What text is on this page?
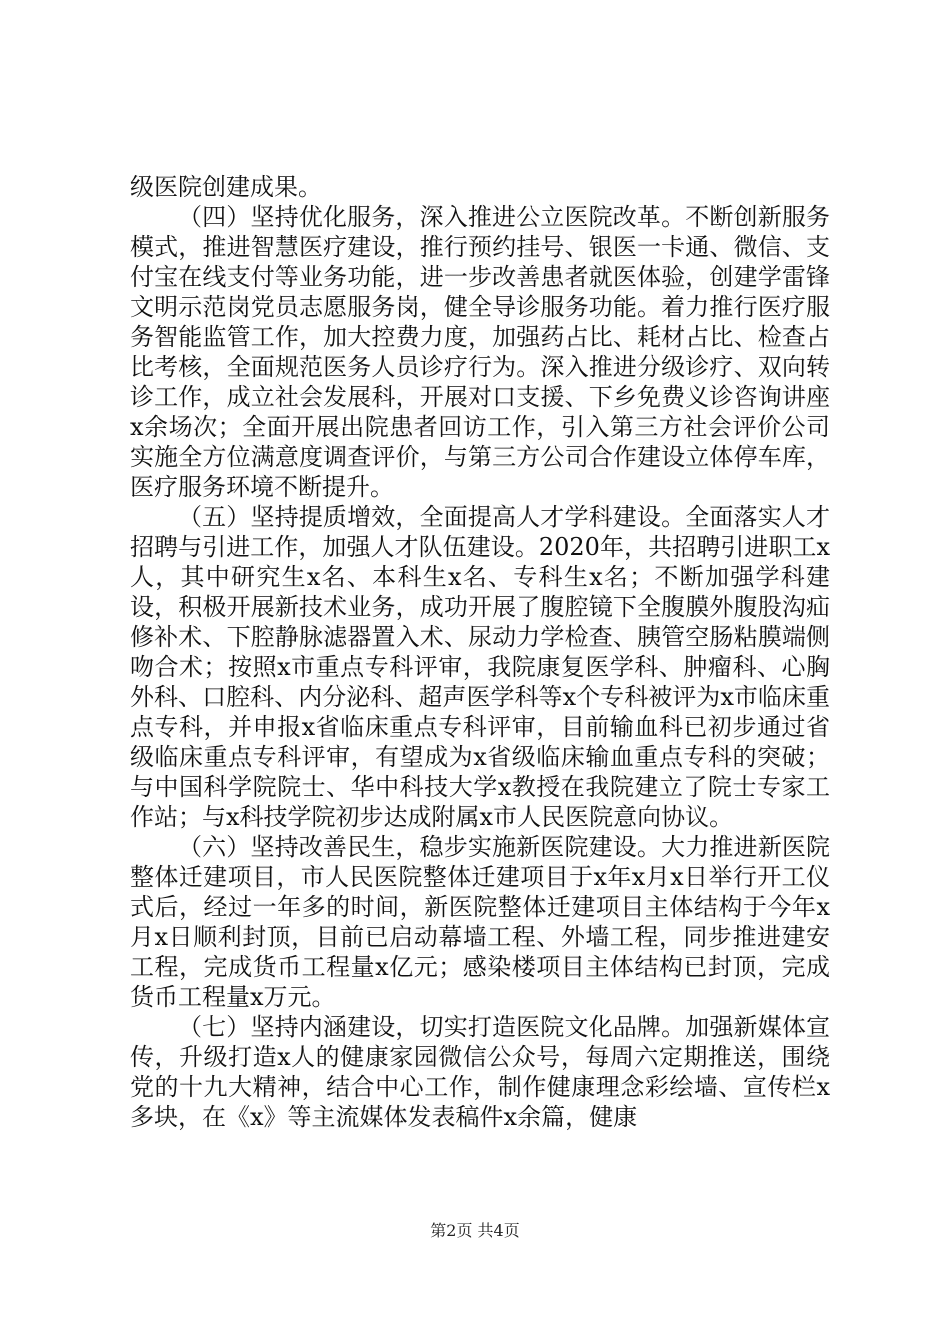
级医院创建成果。

（四）坚持优化服务，深入推进公立医院改革。不断创新服务模式，推进智慧医疗建设，推行预约挂号、银医一卡通、微信、支付宝在线支付等业务功能，进一步改善患者就医体验，创建学雷锋文明示范岗党员志愿服务岗，健全导诊服务功能。着力推行医疗服务智能监管工作，加大控费力度，加强药占比、耗材占比、检查占比考核，全面规范医务人员诊疗行为。深入推进分级诊疗、双向转诊工作，成立社会发展科，开展对口支援、下乡免费义诊咨询讲座x余场次；全面开展出院患者回访工作，引入第三方社会评价公司实施全方位满意度调查评价，与第三方公司合作建设立体停车库，医疗服务环境不断提升。

（五）坚持提质增效，全面提高人才学科建设。全面落实人才招聘与引进工作，加强人才队伍建设。2020年，共招聘引进职工x人，其中研究生x名、本科生x名、专科生x名；不断加强学科建设，积极开展新技术业务，成功开展了腹腔镜下全腹膜外腹股沟疝修补术、下腔静脉滤器置入术、尿动力学检查、胰管空肠粘膜端侧吻合术；按照x市重点专科评审，我院康复医学科、肿瘤科、心胸外科、口腔科、内分泌科、超声医学科等x个专科被评为x市临床重点专科，并申报x省临床重点专科评审，目前输血科已初步通过省级临床重点专科评审，有望成为x省级临床输血重点专科的突破；与中国科学院院士、华中科技大学x教授在我院建立了院士专家工作站；与x科技学院初步达成附属x市人民医院意向协议。

（六）坚持改善民生，稳步实施新医院建设。大力推进新医院整体迁建项目，市人民医院整体迁建项目于x年x月x日举行开工仪式后，经过一年多的时间，新医院整体迁建项目主体结构于今年x月x日顺利封顶，目前已启动幕墙工程、外墙工程，同步推进建安工程，完成货币工程量x亿元；感染楼项目主体结构已封顶，完成货币工程量x万元。

（七）坚持内涵建设，切实打造医院文化品牌。加强新媒体宣传，升级打造x人的健康家园微信公众号，每周六定期推送，围绕党的十九大精神，结合中心工作，制作健康理念彩绘墙、宣传栏x多块，在《x》等主流媒体发表稿件x余篇，健康

第2页 共4页
